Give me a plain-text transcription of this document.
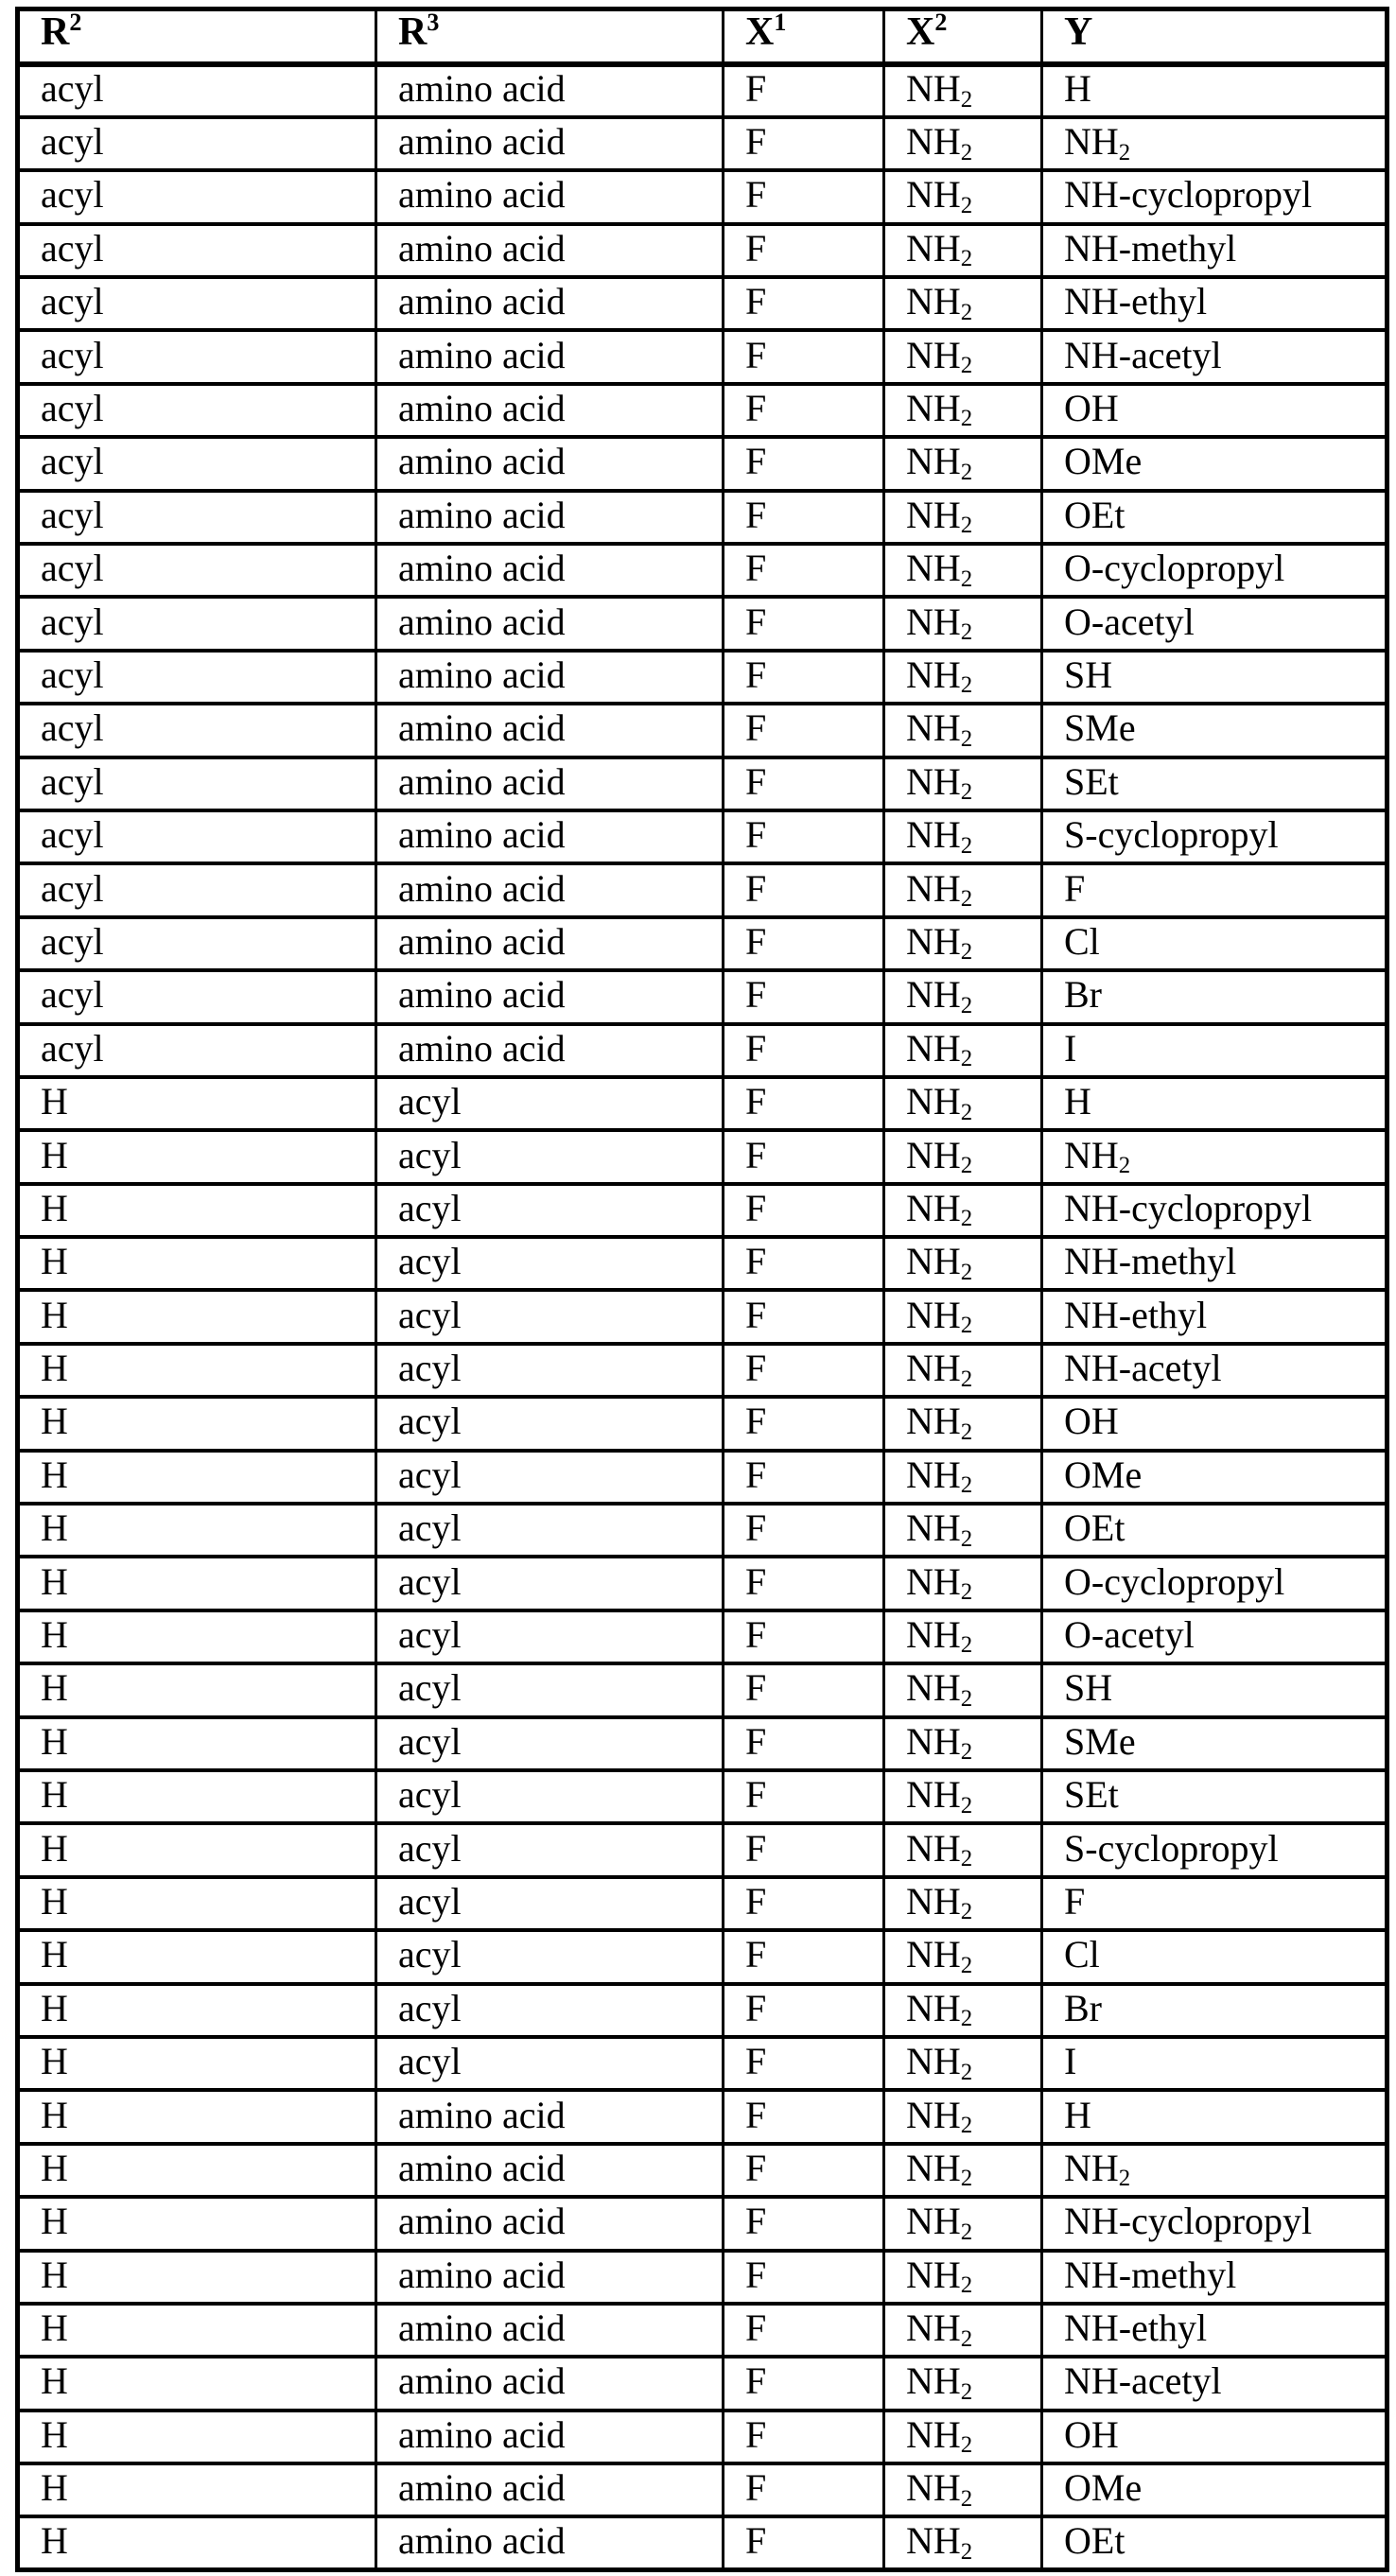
$R^2$	$R^3$	$X^1$	$X^2$	Y
acyl	amino acid	F	$NH_2$	H
acyl	amino acid	F	$NH_2$	$NH_2$
acyl	amino acid	F	$NH_2$	NH-cyclopropyl
acyl	amino acid	F	$NH_2$	NH-methyl
acyl	amino acid	F	$NH_2$	NH-ethyl
acyl	amino acid	F	$NH_2$	NH-acetyl
acyl	amino acid	F	$NH_2$	OH
acyl	amino acid	F	$NH_2$	OMe
acyl	amino acid	F	$NH_2$	OEt
acyl	amino acid	F	$NH_2$	O-cyclopropyl
acyl	amino acid	F	$NH_2$	O-acetyl
acyl	amino acid	F	$NH_2$	SH
acyl	amino acid	F	$NH_2$	SMe
acyl	amino acid	F	$NH_2$	SEt
acyl	amino acid	F	$NH_2$	S-cyclopropyl
acyl	amino acid	F	$NH_2$	F
acyl	amino acid	F	$NH_2$	Cl
acyl	amino acid	F	$NH_2$	Br
acyl	amino acid	F	$NH_2$	I
H	acyl	F	$NH_2$	H
H	acyl	F	$NH_2$	$NH_2$
H	acyl	F	$NH_2$	NH-cyclopropyl
H	acyl	F	$NH_2$	NH-methyl
H	acyl	F	$NH_2$	NH-ethyl
H	acyl	F	$NH_2$	NH-acetyl
H	acyl	F	$NH_2$	OH
H	acyl	F	$NH_2$	OMe
H	acyl	F	$NH_2$	OEt
H	acyl	F	$NH_2$	O-cyclopropyl
H	acyl	F	$NH_2$	O-acetyl
H	acyl	F	$NH_2$	SH
H	acyl	F	$NH_2$	SMe
H	acyl	F	$NH_2$	SEt
H	acyl	F	$NH_2$	S-cyclopropyl
H	acyl	F	$NH_2$	F
H	acyl	F	$NH_2$	Cl
H	acyl	F	$NH_2$	Br
H	acyl	F	$NH_2$	I
H	amino acid	F	$NH_2$	H
H	amino acid	F	$NH_2$	$NH_2$
H	amino acid	F	$NH_2$	NH-cyclopropyl
H	amino acid	F	$NH_2$	NH-methyl
H	amino acid	F	$NH_2$	NH-ethyl
H	amino acid	F	$NH_2$	NH-acetyl
H	amino acid	F	$NH_2$	OH
H	amino acid	F	$NH_2$	OMe
H	amino acid	F	$NH_2$	OEt
